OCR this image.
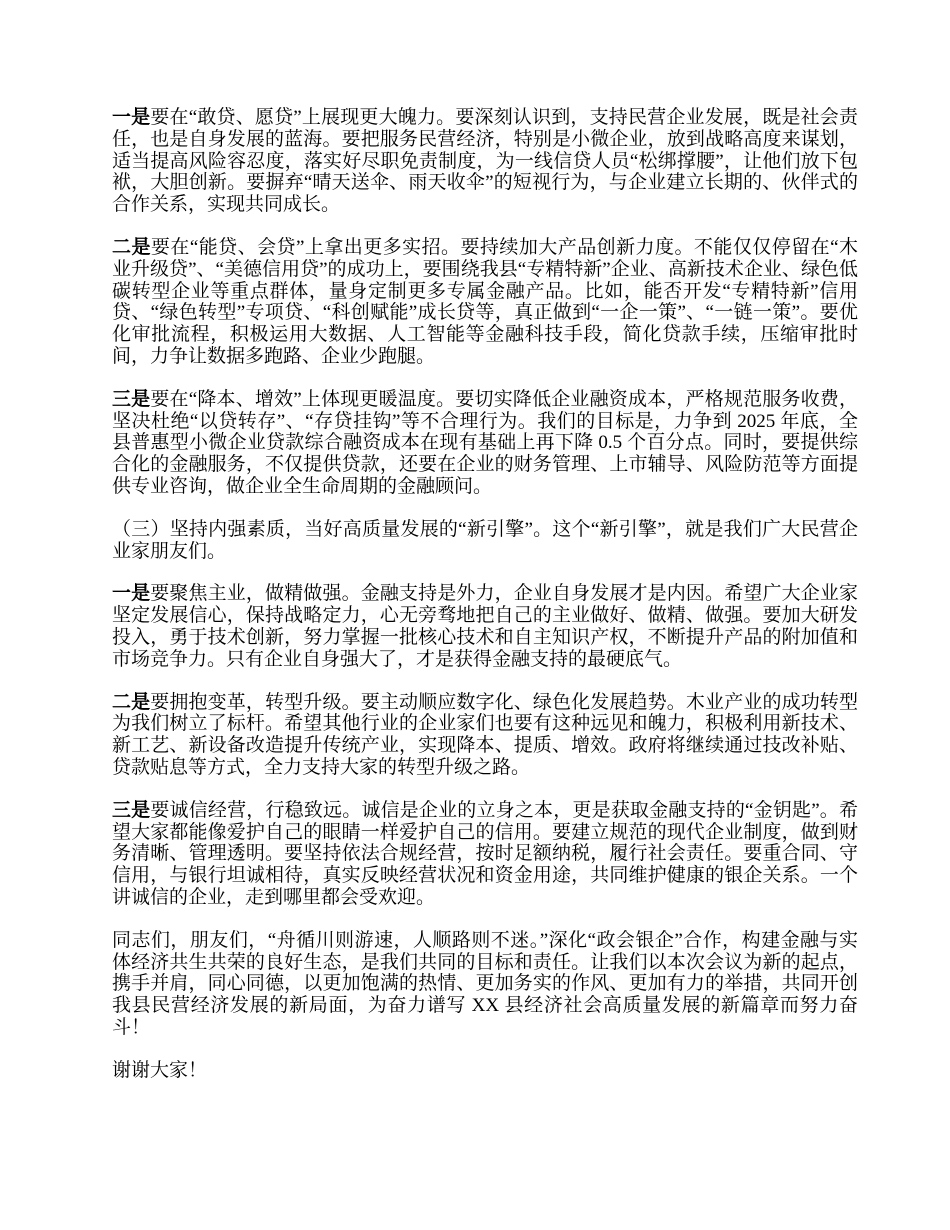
一是要在“敢贷、愿贷”上展现更大魄力。要深刻认识到，支持民营企业发展，既是社会责任，也是自身发展的蓝海。要把服务民营经济，特别是小微企业，放到战略高度来谋划，适当提高风险容忍度，落实好尽职免责制度，为一线信贷人员“松绑撑腰”，让他们放下包袱，大胆创新。要摒弃“晴天送伞、雨天收伞”的短视行为，与企业建立长期的、伙伴式的合作关系，实现共同成长。

二是要在“能贷、会贷”上拿出更多实招。要持续加大产品创新力度。不能仅仅停留在“木业升级贷”、“美德信用贷”的成功上，要围绕我县“专精特新”企业、高新技术企业、绿色低碳转型企业等重点群体，量身定制更多专属金融产品。比如，能否开发“专精特新”信用贷、“绿色转型”专项贷、“科创赋能”成长贷等，真正做到“一企一策”、“一链一策”。要优化审批流程，积极运用大数据、人工智能等金融科技手段，简化贷款手续，压缩审批时间，力争让数据多跑路、企业少跑腿。

三是要在“降本、增效”上体现更暖温度。要切实降低企业融资成本，严格规范服务收费，坚决杜绝“以贷转存”、“存贷挂钩”等不合理行为。我们的目标是，力争到 2025 年底，全县普惠型小微企业贷款综合融资成本在现有基础上再下降 0.5 个百分点。同时，要提供综合化的金融服务，不仅提供贷款，还要在企业的财务管理、上市辅导、风险防范等方面提供专业咨询，做企业全生命周期的金融顾问。

（三）坚持内强素质，当好高质量发展的“新引擎”。这个“新引擎”，就是我们广大民营企业家朋友们。

一是要聚焦主业，做精做强。金融支持是外力，企业自身发展才是内因。希望广大企业家坚定发展信心，保持战略定力，心无旁骛地把自己的主业做好、做精、做强。要加大研发投入，勇于技术创新，努力掌握一批核心技术和自主知识产权，不断提升产品的附加值和市场竞争力。只有企业自身强大了，才是获得金融支持的最硬底气。

二是要拥抱变革，转型升级。要主动顺应数字化、绿色化发展趋势。木业产业的成功转型为我们树立了标杆。希望其他行业的企业家们也要有这种远见和魄力，积极利用新技术、新工艺、新设备改造提升传统产业，实现降本、提质、增效。政府将继续通过技改补贴、贷款贴息等方式，全力支持大家的转型升级之路。

三是要诚信经营，行稳致远。诚信是企业的立身之本，更是获取金融支持的“金钥匙”。希望大家都能像爱护自己的眼睛一样爱护自己的信用。要建立规范的现代企业制度，做到财务清晰、管理透明。要坚持依法合规经营，按时足额纳税，履行社会责任。要重合同、守信用，与银行坦诚相待，真实反映经营状况和资金用途，共同维护健康的银企关系。一个讲诚信的企业，走到哪里都会受欢迎。

同志们，朋友们，“舟循川则游速，人顺路则不迷。”深化“政会银企”合作，构建金融与实体经济共生共荣的良好生态，是我们共同的目标和责任。让我们以本次会议为新的起点，携手并肩，同心同德，以更加饱满的热情、更加务实的作风、更加有力的举措，共同开创我县民营经济发展的新局面，为奋力谱写 XX 县经济社会高质量发展的新篇章而努力奋斗！

谢谢大家！
